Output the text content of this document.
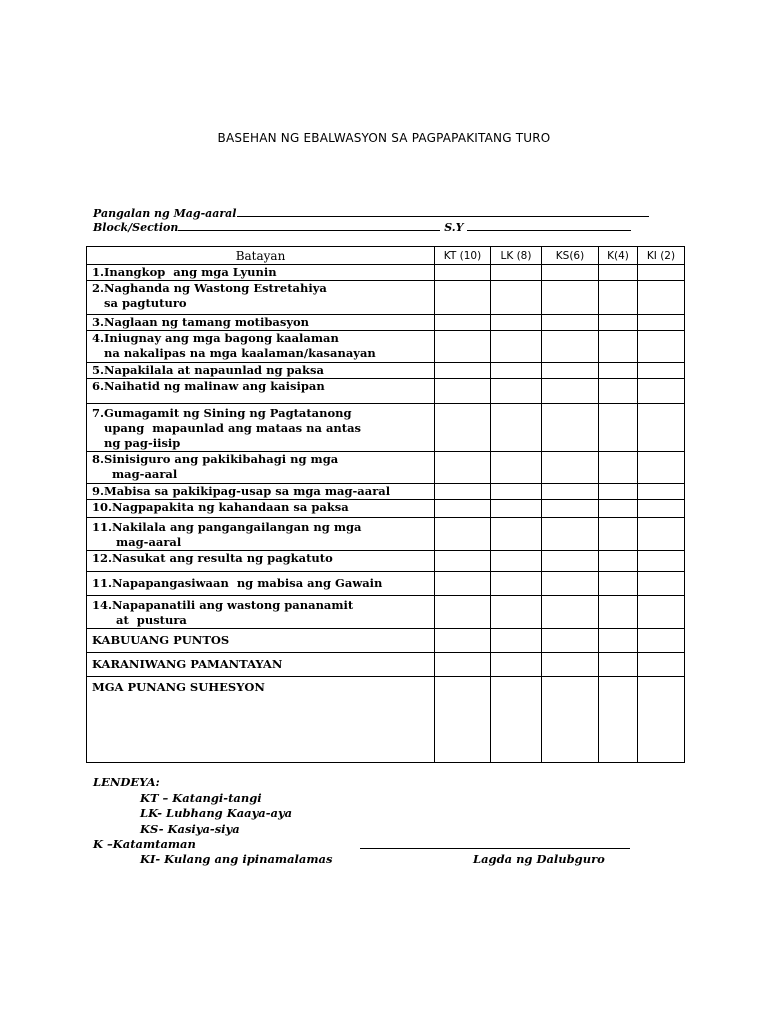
BASEHAN NG EBALWASYON SA PAGPAPAKITANG TURO
Pangalan ng Mag-aaral
Block/Section	S.Y
Batayan	KT (10)	LK (8)	KS(6)	K(4)	KI (2)
1.Inangkop  ang mga Lyunin					
2.Naghanda ng Wastong Estretahiya
sa pagtuturo					
3.Naglaan ng tamang motibasyon					
4.Iniugnay ang mga bagong kaalaman
na nakalipas na mga kaalaman/kasanayan					
5.Napakilala at napaunlad ng paksa					
6.Naihatid ng malinaw ang kaisipan					
7.Gumagamit ng Sining ng Pagtatanong
upang  mapaunlad ang mataas na antas
ng pag-iisip					
8.Sinisiguro ang pakikibahagi ng mga
mag-aaral					
9.Mabisa sa pakikipag-usap sa mga mag-aaral					
10.Nagpapakita ng kahandaan sa paksa					
11.Nakilala ang pangangailangan ng mga
mag-aaral					
12.Nasukat ang resulta ng pagkatuto					
11.Napapangasiwaan  ng mabisa ang Gawain					
14.Napapanatili ang wastong pananamit
at  pustura					
KABUUANG PUNTOS					
KARANIWANG PAMANTAYAN					
MGA PUNANG SUHESYON					
LENDEYA:
KT – Katangi-tangi
LK- Lubhang Kaaya-aya
KS- Kasiya-siya
K –Katamtaman
KI- Kulang ang ipinamalamas	Lagda ng Dalubguro
